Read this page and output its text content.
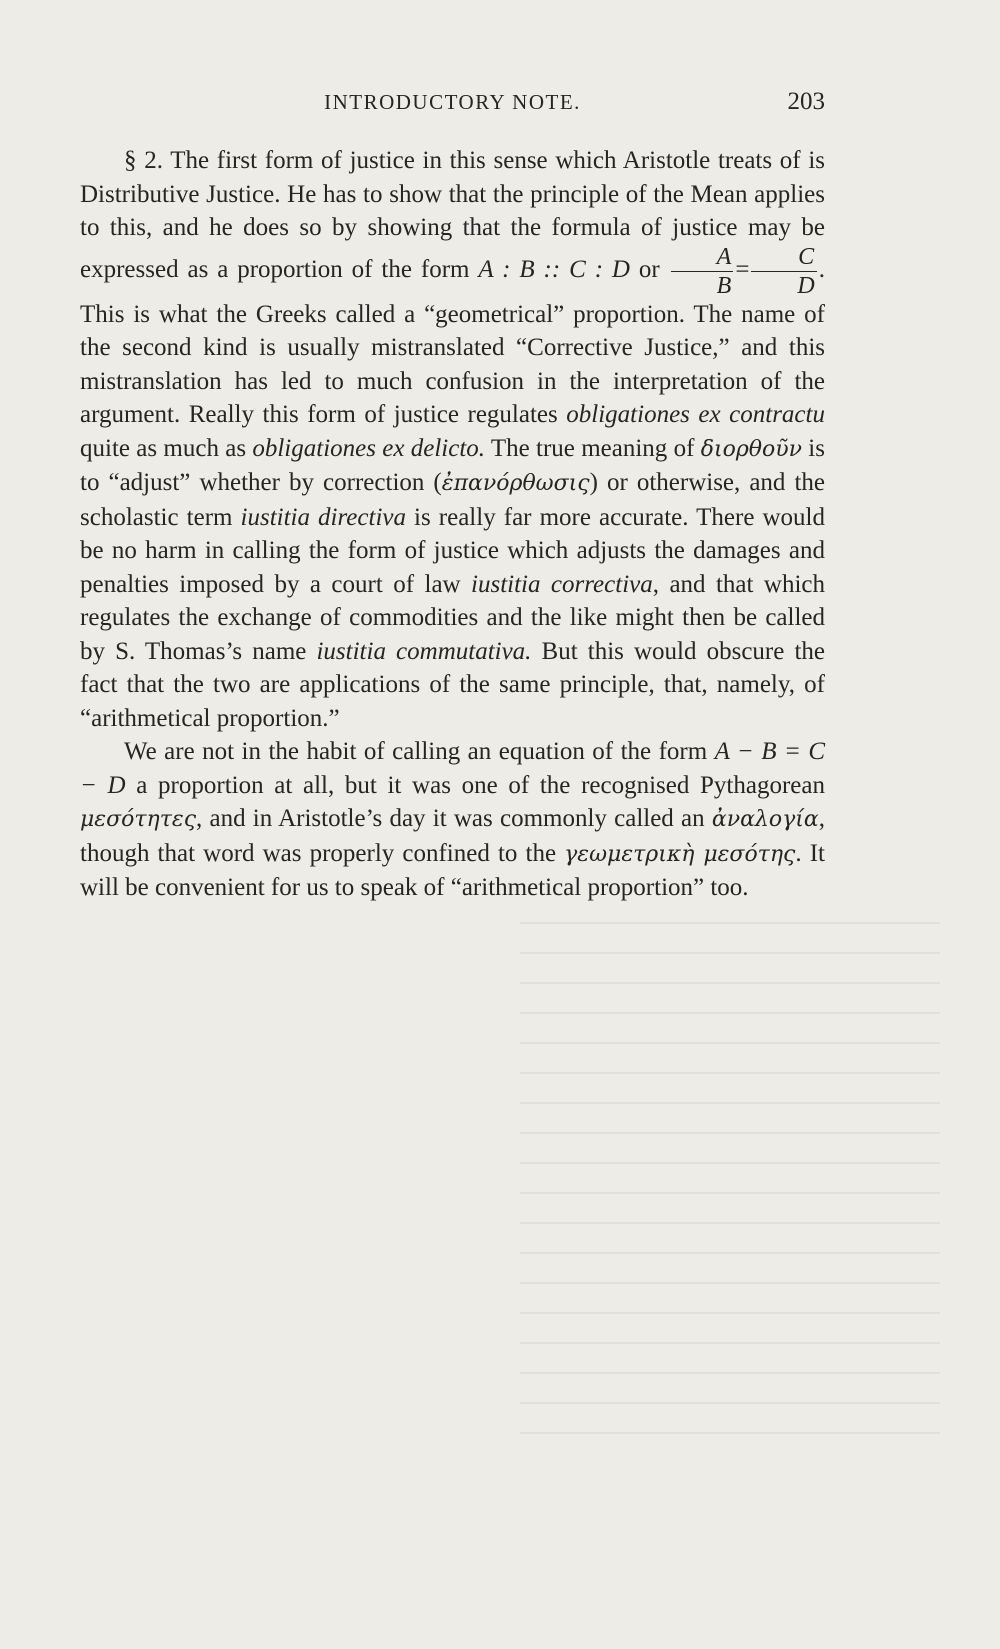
INTRODUCTORY NOTE.	203

§ 2. The first form of justice in this sense which Aristotle treats of is Distributive Justice. He has to show that the principle of the Mean applies to this, and he does so by showing that the formula of justice may be expressed as a proportion of the form A : B :: C : D or $\frac{A}{B} = \frac{C}{D}$ . This is what the Greeks called a “geometrical” proportion. The name of the second kind is usually mistranslated “Corrective Justice,” and this mistranslation has led to much confusion in the interpretation of the argument. Really this form of justice regulates obligationes ex contractu quite as much as obligationes ex delicto. The true meaning of διορθοῦν is to “adjust” whether by correction (ἐπανόρθωσις) or otherwise, and the scholastic term iustitia directiva is really far more accurate. There would be no harm in calling the form of justice which adjusts the damages and penalties imposed by a court of law iustitia correctiva, and that which regulates the exchange of commodities and the like might then be called by S. Thomas’s name iustitia commutativa. But this would obscure the fact that the two are applications of the same principle, that, namely, of “arithmetical proportion.”

We are not in the habit of calling an equation of the form A − B = C − D a proportion at all, but it was one of the recognised Pythagorean μεσότητες, and in Aristotle’s day it was commonly called an ἀναλογία, though that word was properly confined to the γεωμετρικὴ μεσότης. It will be convenient for us to speak of “arithmetical proportion” too.
